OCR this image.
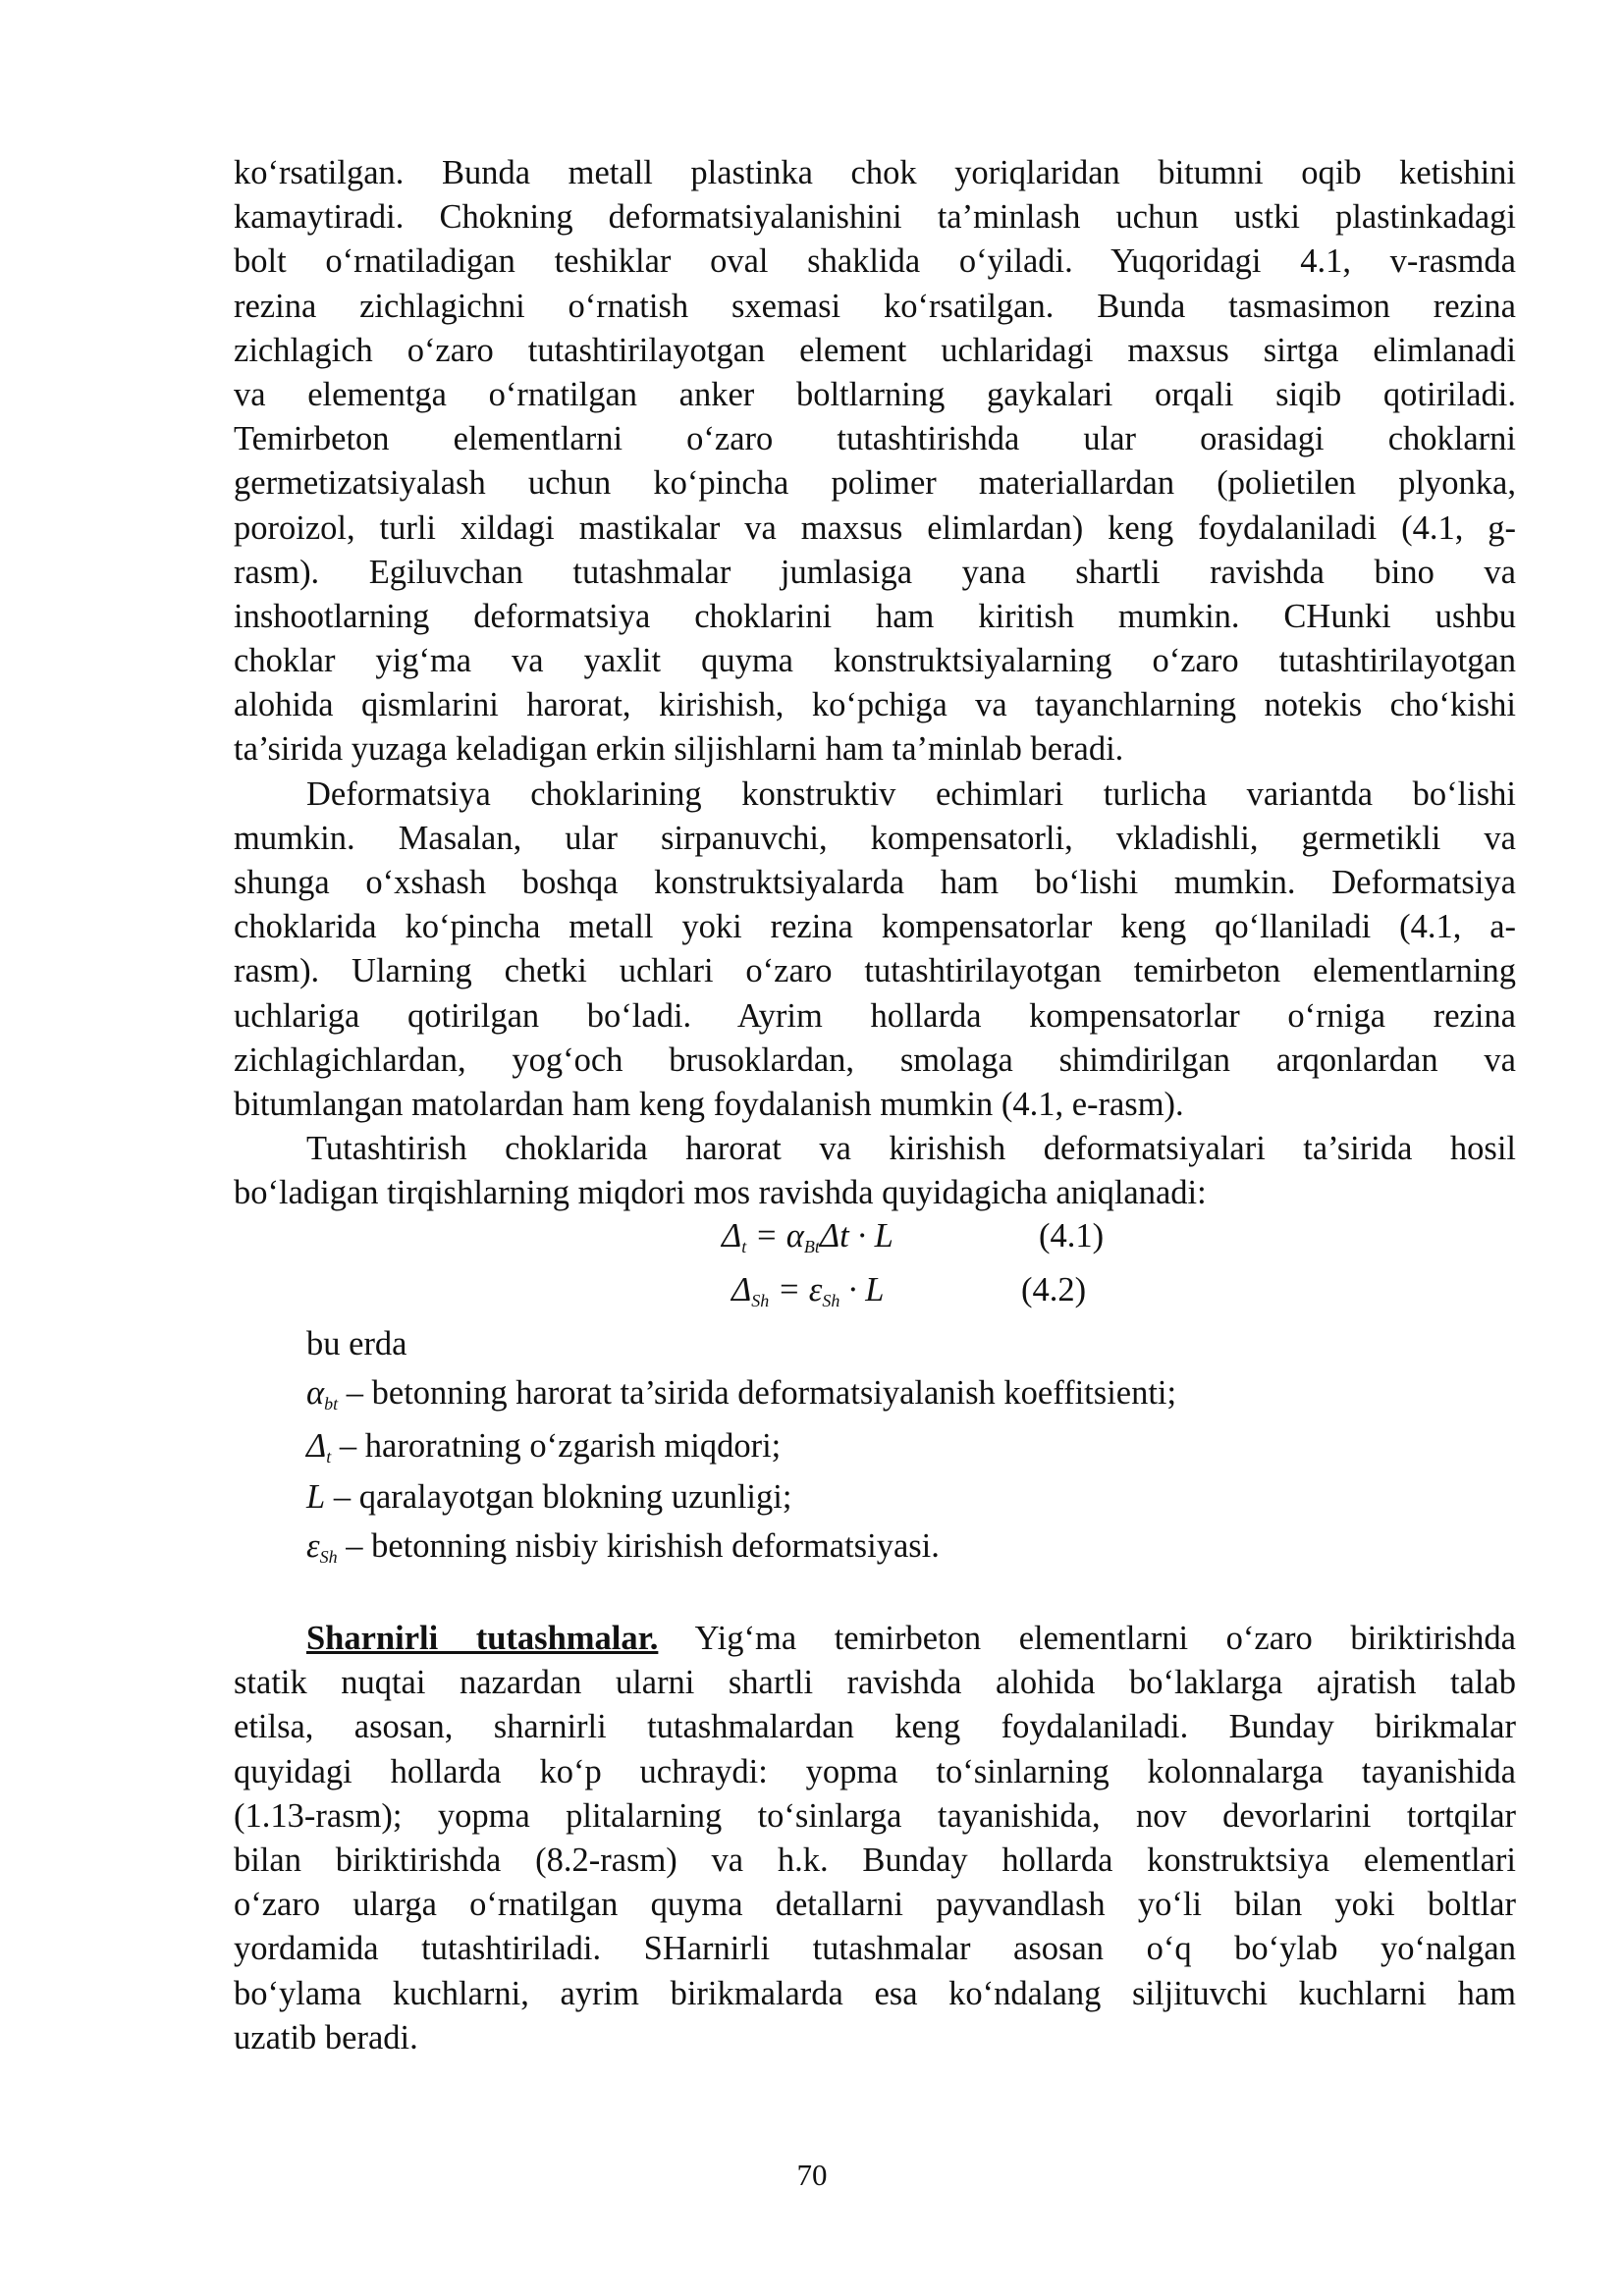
ko‘rsatilgan. Bunda metall plastinka chok yoriqlaridan bitumni oqib ketishini
kamaytiradi. Chokning deformatsiyalanishini ta’minlash uchun ustki plastinkadagi
bolt o‘rnatiladigan teshiklar oval shaklida o‘yiladi. Yuqoridagi 4.1, v-rasmda
rezina zichlagichni o‘rnatish sxemasi ko‘rsatilgan. Bunda tasmasimon rezina
zichlagich o‘zaro tutashtirilayotgan element uchlaridagi maxsus sirtga elimlanadi
va elementga o‘rnatilgan anker boltlarning gaykalari orqali siqib qotiriladi.
Temirbeton elementlarni o‘zaro tutashtirishda ular orasidagi choklarni
germetizatsiyalash uchun ko‘pincha polimer materiallardan (polietilen plyonka,
poroizol, turli xildagi mastikalar va maxsus elimlardan) keng foydalaniladi (4.1, g-
rasm). Egiluvchan tutashmalar jumlasiga yana shartli ravishda bino va
inshootlarning deformatsiya choklarini ham kiritish mumkin. CHunki ushbu
choklar yig‘ma va yaxlit quyma konstruktsiyalarning o‘zaro tutashtirilayotgan
alohida qismlarini harorat, kirishish, ko‘pchiga va tayanchlarning notekis cho‘kishi
ta’sirida yuzaga keladigan erkin siljishlarni ham ta’minlab beradi.
Deformatsiya choklarining konstruktiv echimlari turlicha variantda bo‘lishi
mumkin. Masalan, ular sirpanuvchi, kompensatorli, vkladishli, germetikli va
shunga o‘xshash boshqa konstruktsiyalarda ham bo‘lishi mumkin. Deformatsiya
choklarida ko‘pincha metall yoki rezina kompensatorlar keng qo‘llaniladi (4.1, a-
rasm). Ularning chetki uchlari o‘zaro tutashtirilayotgan temirbeton elementlarning
uchlariga qotirilgan bo‘ladi. Ayrim hollarda kompensatorlar o‘rniga rezina
zichlagichlardan, yog‘och brusoklardan, smolaga shimdirilgan arqonlardan va
bitumlangan matolardan ham keng foydalanish mumkin (4.1, e-rasm).
Tutashtirish choklarida harorat va kirishish deformatsiyalari ta’sirida hosil
bo‘ladigan tirqishlarning miqdori mos ravishda quyidagicha aniqlanadi:
$\Delta_t = \alpha_{Bt}\Delta t \cdot L$	(4.1)
$\Delta_{Sh} = \varepsilon_{Sh} \cdot L$	(4.2)
bu erda
$\alpha_{bt}$ – betonning harorat ta’sirida deformatsiyalanish koeffitsienti;
$\Delta_t$ – haroratning o‘zgarish miqdori;
L – qaralayotgan blokning uzunligi;
$\varepsilon_{Sh}$ – betonning nisbiy kirishish deformatsiyasi.
Sharnirli tutashmalar. Yig‘ma temirbeton elementlarni o‘zaro biriktirishda
statik nuqtai nazardan ularni shartli ravishda alohida bo‘laklarga ajratish talab
etilsa, asosan, sharnirli tutashmalardan keng foydalaniladi. Bunday birikmalar
quyidagi hollarda ko‘p uchraydi: yopma to‘sinlarning kolonnalarga tayanishida
(1.13-rasm); yopma plitalarning to‘sinlarga tayanishida, nov devorlarini tortqilar
bilan biriktirishda (8.2-rasm) va h.k. Bunday hollarda konstruktsiya elementlari
o‘zaro ularga o‘rnatilgan quyma detallarni payvandlash yo‘li bilan yoki boltlar
yordamida tutashtiriladi. SHarnirli tutashmalar asosan o‘q bo‘ylab yo‘nalgan
bo‘ylama kuchlarni, ayrim birikmalarda esa ko‘ndalang siljituvchi kuchlarni ham
uzatib beradi.
70
